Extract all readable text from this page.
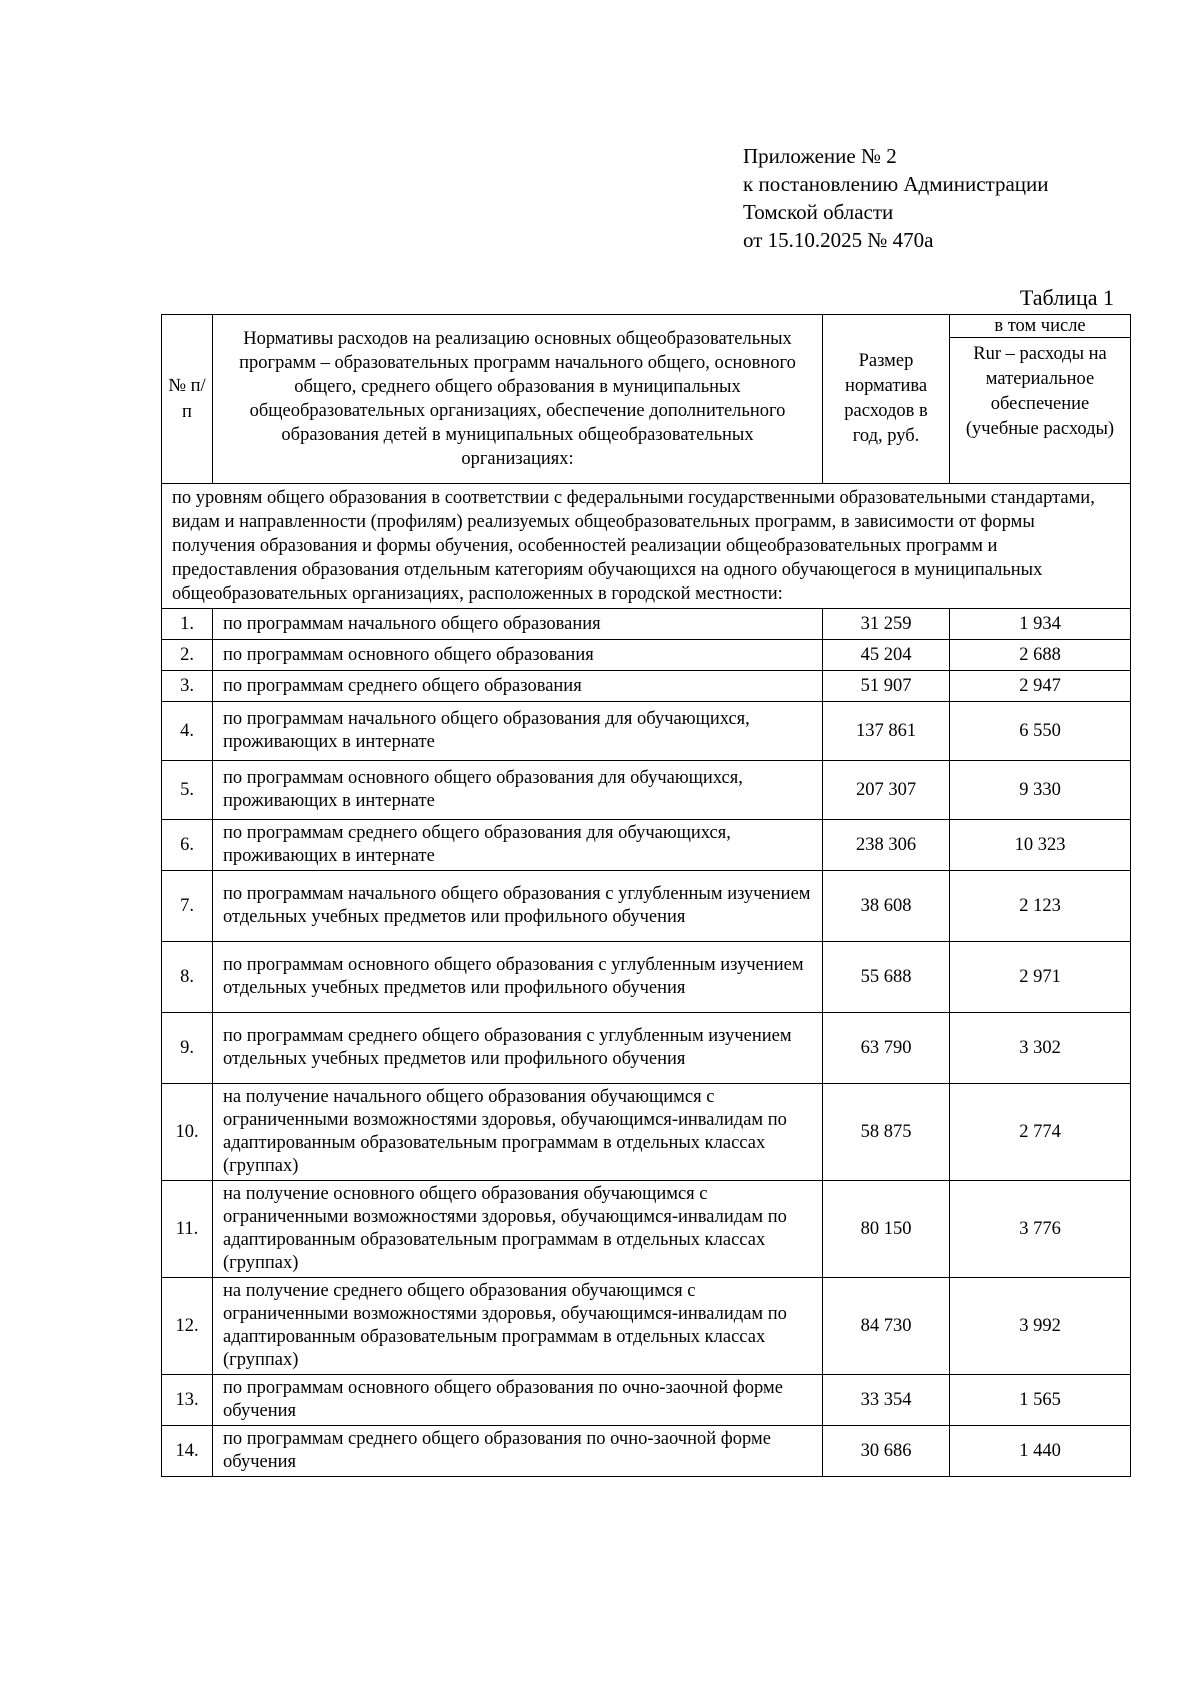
Приложение № 2
к постановлению Администрации
Томской области
от 15.10.2025 № 470а
Таблица 1
№ п/п	Нормативы расходов на реализацию основных общеобразовательных программ – образовательных программ начального общего, основного общего, среднего общего образования в муниципальных общеобразовательных организациях, обеспечение дополнительного образования детей в муниципальных общеобразовательных организациях:	Размер норматива расходов в год, руб.	в том числе
			Rur – расходы на материальное обеспечение (учебные расходы)
по уровням общего образования в соответствии с федеральными государственными образовательными стандартами, видам и направленности (профилям) реализуемых общеобразовательных программ, в зависимости от формы получения образования и формы обучения, особенностей реализации общеобразовательных программ и предоставления образования отдельным категориям обучающихся на одного обучающегося в муниципальных общеобразовательных организациях, расположенных в городской местности:			
1.	по программам начального общего образования	31 259	1 934
2.	по программам основного общего образования	45 204	2 688
3.	по программам среднего общего образования	51 907	2 947
4.	по программам начального общего образования для обучающихся, проживающих в интернате	137 861	6 550
5.	по программам основного общего образования для обучающихся, проживающих в интернате	207 307	9 330
6.	по программам среднего общего образования для обучающихся, проживающих в интернате	238 306	10 323
7.	по программам начального общего образования с углубленным изучением отдельных учебных предметов или профильного обучения	38 608	2 123
8.	по программам основного общего образования с углубленным изучением отдельных учебных предметов или профильного обучения	55 688	2 971
9.	по программам среднего общего образования с углубленным изучением отдельных учебных предметов или профильного обучения	63 790	3 302
10.	на получение начального общего образования обучающимся с ограниченными возможностями здоровья, обучающимся-инвалидам по адаптированным образовательным программам в отдельных классах (группах)	58 875	2 774
11.	на получение основного общего образования обучающимся с ограниченными возможностями здоровья, обучающимся-инвалидам по адаптированным образовательным программам в отдельных классах (группах)	80 150	3 776
12.	на получение среднего общего образования обучающимся с ограниченными возможностями здоровья, обучающимся-инвалидам по адаптированным образовательным программам в отдельных классах (группах)	84 730	3 992
13.	по программам основного общего образования по очно-заочной форме обучения	33 354	1 565
14.	по программам среднего общего образования по очно-заочной форме обучения	30 686	1 440
